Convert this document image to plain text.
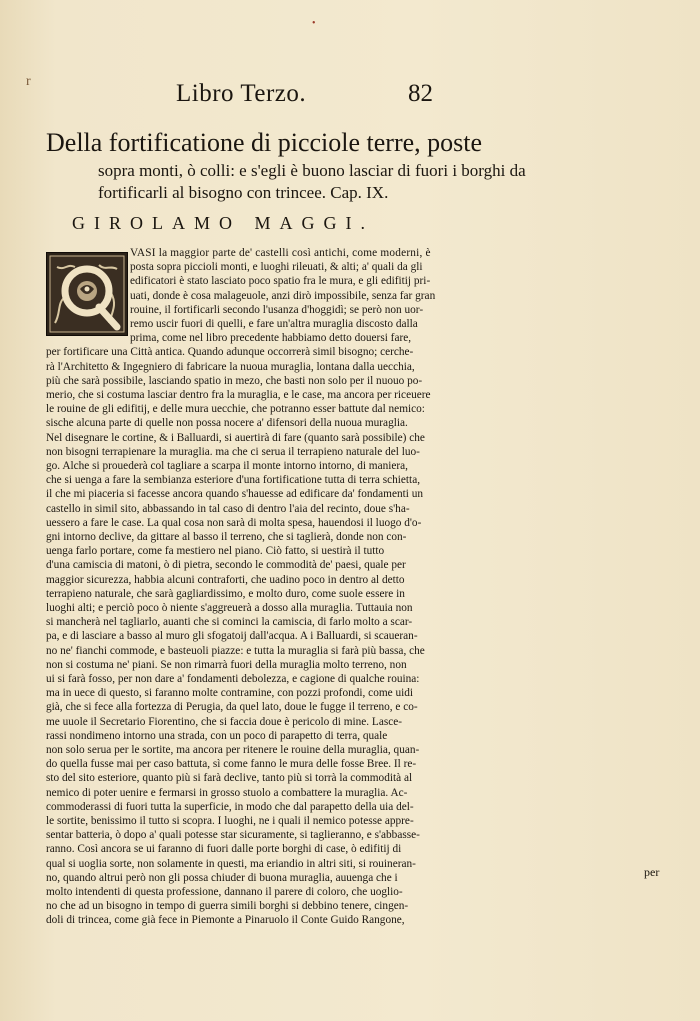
•
r	Libro Terzo.	82
Della fortificatione di picciole terre, poste
sopra monti, ò colli: e s'egli è buono lasciar di fuori i borghi da
fortificarli al bisogno con trincee. Cap. IX.
GIROLAMO MAGGI.
VASI la maggior parte de' castelli così antichi, come moderni, è
posta sopra piccioli monti, e luoghi rileuati, & alti; a' quali da gli
edificatori è stato lasciato poco spatio fra le mura, e gli edifitij pri-
uati, donde è cosa malageuole, anzi dirò impossibile, senza far gran
rouine, il fortificarli secondo l'usanza d'hoggidì; se però non uor-
remo uscir fuori di quelli, e fare un'altra muraglia discosto dalla
prima, come nel libro precedente habbiamo detto douersi fare,
per fortificare una Città antica. Quando adunque occorrerà simil bisogno; cerche-
rà l'Architetto & Ingegniero di fabricare la nuoua muraglia, lontana dalla uecchia,
più che sarà possibile, lasciando spatio in mezo, che basti non solo per il nuouo po-
merio, che si costuma lasciar dentro fra la muraglia, e le case, ma ancora per riceuere
le rouine de gli edifitij, e delle mura uecchie, che potranno esser battute dal nemico:
sische alcuna parte di quelle non possa nocere a' difensori della nuoua muraglia.
Nel disegnare le cortine, & i Balluardi, si auertirà di fare (quanto sarà possibile) che
non bisogni terrapienare la muraglia. ma che ci serua il terrapieno naturale del luo-
go. Alche si prouederà col tagliare a scarpa il monte intorno intorno, di maniera,
che si uenga a fare la sembianza esteriore d'una fortificatione tutta di terra schietta,
il che mi piaceria si facesse ancora quando s'hauesse ad edificare da' fondamenti un
castello in simil sito, abbassando in tal caso di dentro l'aia del recinto, doue s'ha-
uessero a fare le case. La qual cosa non sarà di molta spesa, hauendosi il luogo d'o-
gni intorno declive, da gittare al basso il terreno, che si taglierà, donde non con-
uenga farlo portare, come fa mestiero nel piano. Ciò fatto, si uestirà il tutto
d'una camiscia di matoni, ò di pietra, secondo le commodità de' paesi, quale per
maggior sicurezza, habbia alcuni contraforti, che uadino poco in dentro al detto
terrapieno naturale, che sarà gagliardissimo, e molto duro, come suole essere in
luoghi alti; e perciò poco ò niente s'aggreuerà a dosso alla muraglia. Tuttauia non
si mancherà nel tagliarlo, auanti che si cominci la camiscia, di farlo molto a scar-
pa, e di lasciare a basso al muro gli sfogatoij dall'acqua. A i Balluardi, si scaueran-
no ne' fianchi commode, e basteuoli piazze: e tutta la muraglia si farà più bassa, che
non si costuma ne' piani. Se non rimarrà fuori della muraglia molto terreno, non
ui si farà fosso, per non dare a' fondamenti debolezza, e cagione di qualche rouina:
ma in uece di questo, si faranno molte contramine, con pozzi profondi, come uidi
già, che si fece alla fortezza di Perugia, da quel lato, doue le fugge il terreno, e co-
me uuole il Secretario Fiorentino, che si faccia doue è pericolo di mine. Lasce-
rassi nondimeno intorno una strada, con un poco di parapetto di terra, quale
non solo serua per le sortite, ma ancora per ritenere le rouine della muraglia, quan-
do quella fusse mai per caso battuta, sì come fanno le mura delle fosse Bree. Il re-
sto del sito esteriore, quanto più si farà declive, tanto più si torrà la commodità al
nemico di poter uenire e fermarsi in grosso stuolo a combattere la muraglia. Ac-
commoderassi di fuori tutta la superficie, in modo che dal parapetto della uia del-
le sortite, benissimo il tutto si scopra. I luoghi, ne i quali il nemico potesse appre-
sentar batteria, ò dopo a' quali potesse star sicuramente, si taglieranno, e s'abbasse-
ranno. Così ancora se ui faranno di fuori dalle porte borghi di case, ò edifitij di
qual si uoglia sorte, non solamente in questi, ma eriandio in altri siti, si rouineran-
no, quando altrui però non gli possa chiuder di buona muraglia, auuenga che i
molto intendenti di questa professione, dannano il parere di coloro, che uoglio-
no che ad un bisogno in tempo di guerra simili borghi si debbino tenere, cingen-
doli di trincea, come già fece in Piemonte a Pinaruolo il Conte Guido Rangone,
per
